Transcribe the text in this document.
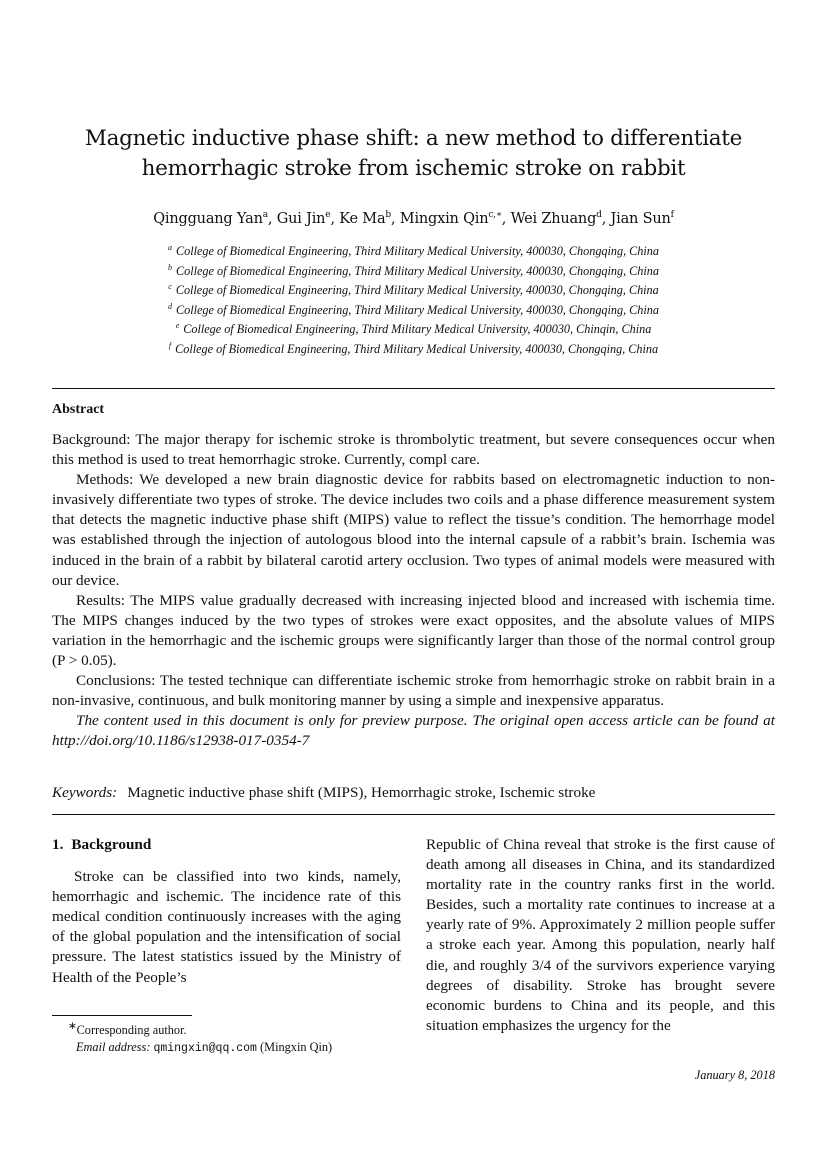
Magnetic inductive phase shift: a new method to differentiate
hemorrhagic stroke from ischemic stroke on rabbit
Qingguang Yan$^a$, Gui Jin$^e$, Ke Ma$^b$, Mingxin Qin$^{c,∗}$, Wei Zhuang$^d$, Jian Sun$^f$
$^a$ College of Biomedical Engineering, Third Military Medical University, 400030, Chongqing, China
$^b$ College of Biomedical Engineering, Third Military Medical University, 400030, Chongqing, China
$^c$ College of Biomedical Engineering, Third Military Medical University, 400030, Chongqing, China
$^d$ College of Biomedical Engineering, Third Military Medical University, 400030, Chongqing, China
$^e$ College of Biomedical Engineering, Third Military Medical University, 400030, Chinqin, China
$^f$ College of Biomedical Engineering, Third Military Medical University, 400030, Chongqing, China
Abstract

Background: The major therapy for ischemic stroke is thrombolytic treatment, but severe consequences occur when this method is used to treat hemorrhagic stroke. Currently, compl care.

Methods: We developed a new brain diagnostic device for rabbits based on electromagnetic induction to non-invasively differentiate two types of stroke. The device includes two coils and a phase difference measurement system that detects the magnetic inductive phase shift (MIPS) value to reflect the tissue’s condition. The hemorrhage model was established through the injection of autologous blood into the internal capsule of a rabbit’s brain. Ischemia was induced in the brain of a rabbit by bilateral carotid artery occlusion. Two types of animal models were measured with our device.

Results: The MIPS value gradually decreased with increasing injected blood and increased with ischemia time. The MIPS changes induced by the two types of strokes were exact opposites, and the absolute values of MIPS variation in the hemorrhagic and the ischemic groups were significantly larger than those of the normal control group (P > 0.05).

Conclusions: The tested technique can differentiate ischemic stroke from hemorrhagic stroke on rabbit brain in a non-invasive, continuous, and bulk monitoring manner by using a simple and inexpensive apparatus.

The content used in this document is only for preview purpose. The original open access article can be found at http://doi.org/10.1186/s12938-017-0354-7

Keywords: Magnetic inductive phase shift (MIPS), Hemorrhagic stroke, Ischemic stroke
1. Background

Stroke can be classified into two kinds, namely, hemorrhagic and ischemic. The incidence rate of this medical condition continuously increases with the aging of the global population and the intensification of social pressure. The latest statistics issued by the Ministry of Health of the People’s

Republic of China reveal that stroke is the first cause of death among all diseases in China, and its standardized mortality rate in the country ranks first in the world. Besides, such a mortality rate continues to increase at a yearly rate of 9%. Approximately 2 million people suffer a stroke each year. Among this population, nearly half die, and roughly 3/4 of the survivors experience varying degrees of disability. Stroke has brought severe economic burdens to China and its people, and this situation emphasizes the urgency for the

∗Corresponding author.
Email address: qmingxin@qq.com (Mingxin Qin)
January 8, 2018
